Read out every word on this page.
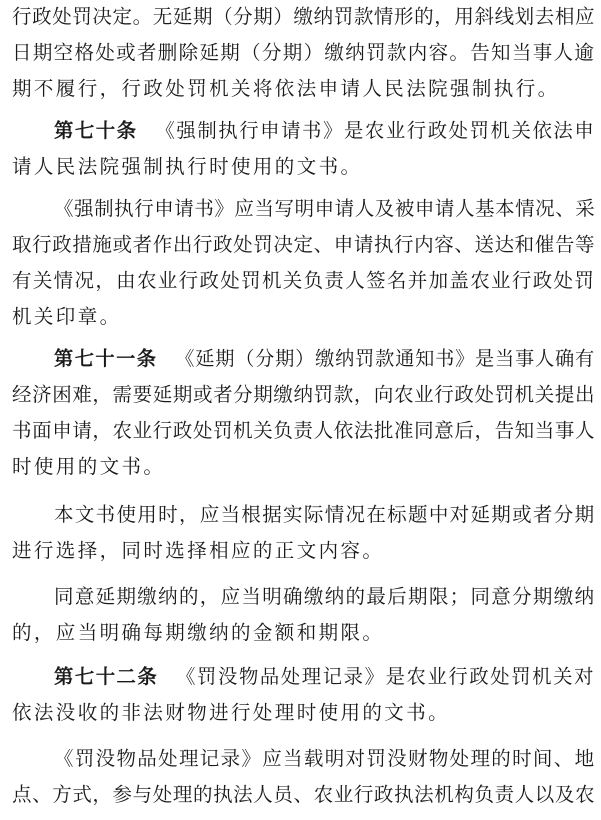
行政处罚决定。无延期（分期）缴纳罚款情形的，用斜线划去相应
日期空格处或者删除延期（分期）缴纳罚款内容。告知当事人逾
期不履行，行政处罚机关将依法申请人民法院强制执行。
第七十条 《强制执行申请书》是农业行政处罚机关依法申
请人民法院强制执行时使用的文书。
《强制执行申请书》应当写明申请人及被申请人基本情况、采
取行政措施或者作出行政处罚决定、申请执行内容、送达和催告等
有关情况，由农业行政处罚机关负责人签名并加盖农业行政处罚
机关印章。
第七十一条 《延期（分期）缴纳罚款通知书》是当事人确有
经济困难，需要延期或者分期缴纳罚款，向农业行政处罚机关提出
书面申请，农业行政处罚机关负责人依法批准同意后，告知当事人
时使用的文书。
本文书使用时，应当根据实际情况在标题中对延期或者分期
进行选择，同时选择相应的正文内容。
同意延期缴纳的，应当明确缴纳的最后期限；同意分期缴纳
的，应当明确每期缴纳的金额和期限。
第七十二条 《罚没物品处理记录》是农业行政处罚机关对
依法没收的非法财物进行处理时使用的文书。
《罚没物品处理记录》应当载明对罚没财物处理的时间、地
点、方式，参与处理的执法人员、农业行政执法机构负责人以及农
